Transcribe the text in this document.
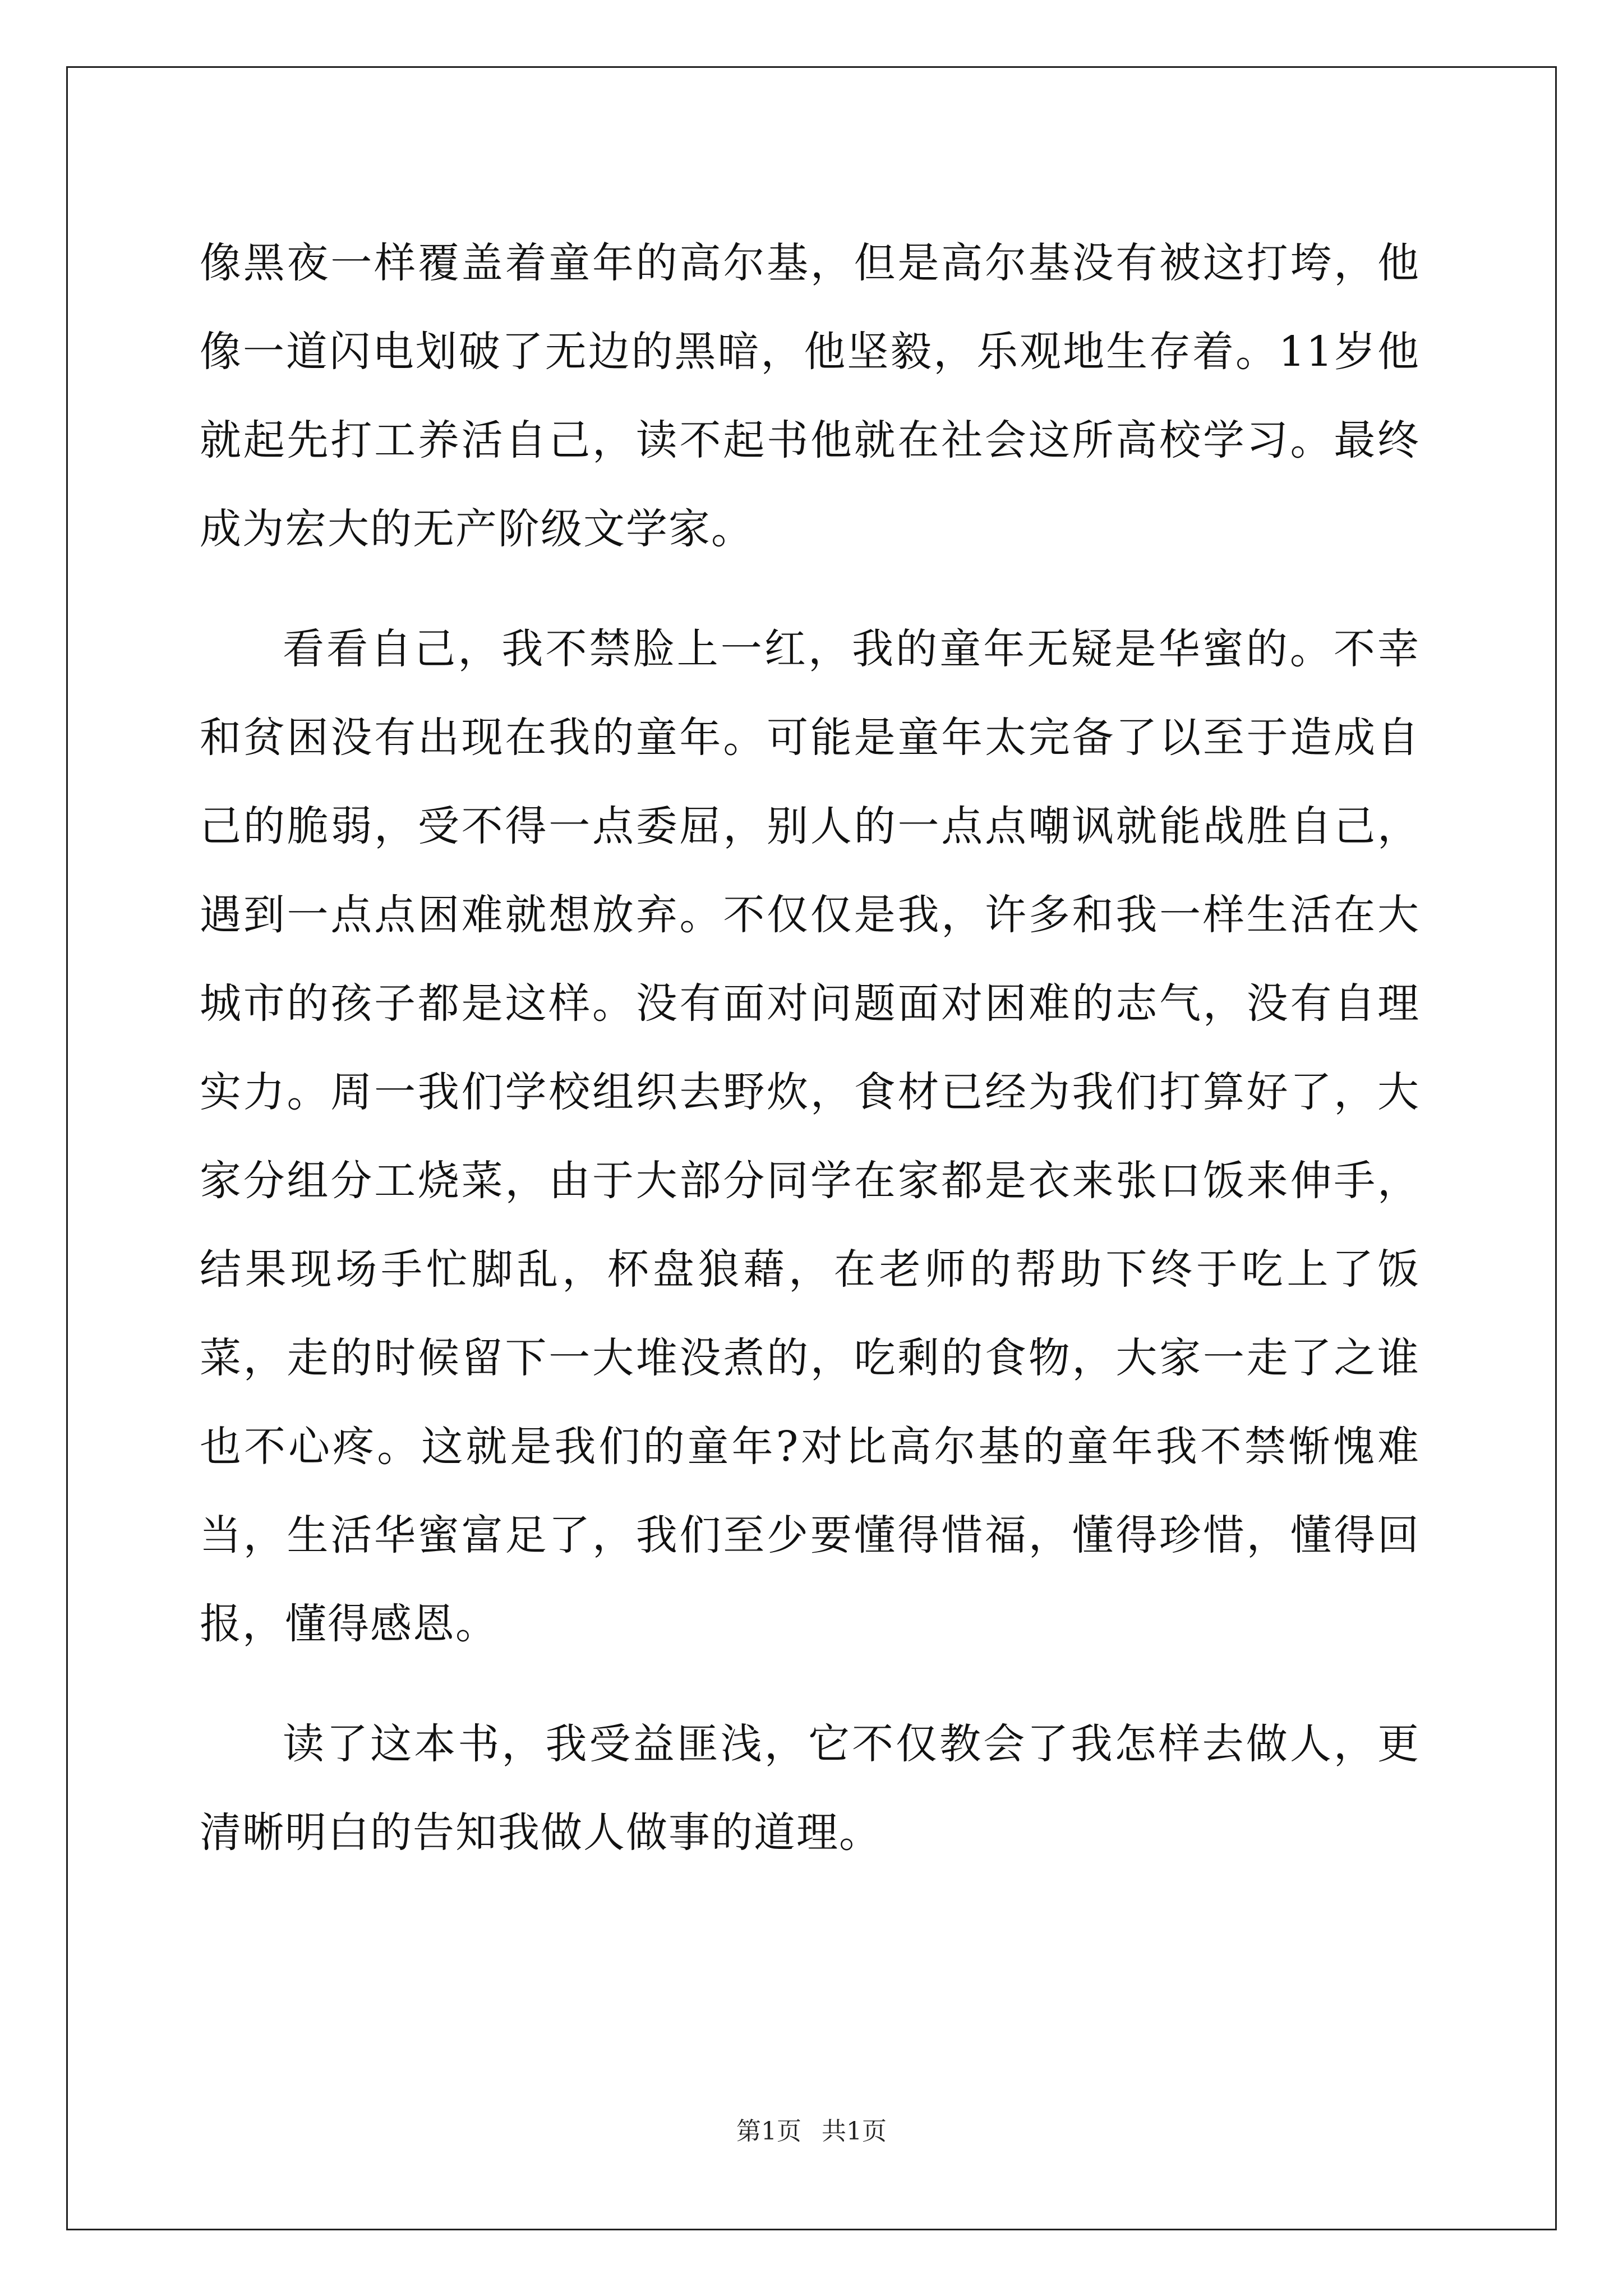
像黑夜一样覆盖着童年的高尔基，但是高尔基没有被这打垮，他像一道闪电划破了无边的黑暗，他坚毅，乐观地生存着。11岁他就起先打工养活自己，读不起书他就在社会这所高校学习。最终成为宏大的无产阶级文学家。

看看自己，我不禁脸上一红，我的童年无疑是华蜜的。不幸和贫困没有出现在我的童年。可能是童年太完备了以至于造成自己的脆弱，受不得一点委屈，别人的一点点嘲讽就能战胜自己，遇到一点点困难就想放弃。不仅仅是我，许多和我一样生活在大城市的孩子都是这样。没有面对问题面对困难的志气，没有自理实力。周一我们学校组织去野炊，食材已经为我们打算好了，大家分组分工烧菜，由于大部分同学在家都是衣来张口饭来伸手，结果现场手忙脚乱，杯盘狼藉，在老师的帮助下终于吃上了饭菜，走的时候留下一大堆没煮的，吃剩的食物，大家一走了之谁也不心疼。这就是我们的童年?对比高尔基的童年我不禁惭愧难当，生活华蜜富足了，我们至少要懂得惜福，懂得珍惜，懂得回报，懂得感恩。

读了这本书，我受益匪浅，它不仅教会了我怎样去做人，更清晰明白的告知我做人做事的道理。

第1页 共1页
